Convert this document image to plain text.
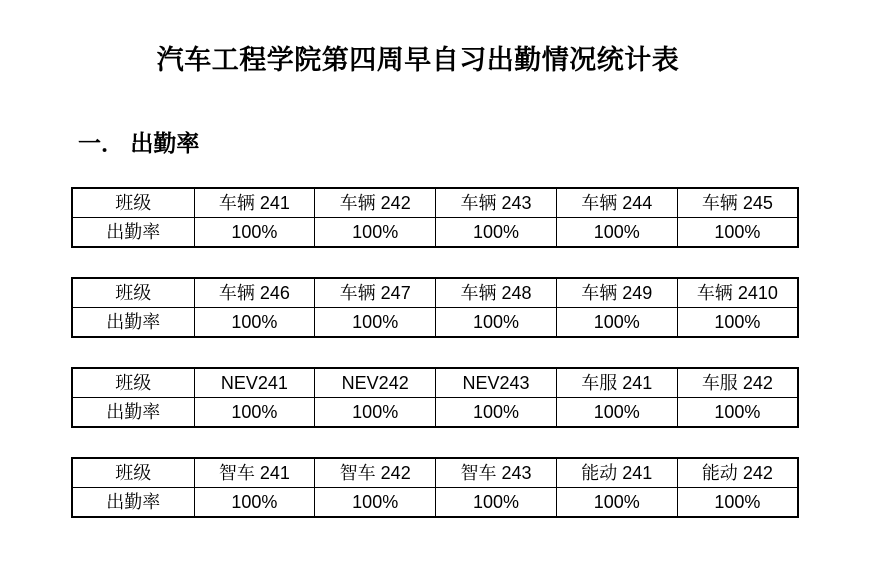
汽车工程学院第四周早自习出勤情况统计表
一． 出勤率
班级	车辆 241	车辆 242	车辆 243	车辆 244	车辆 245
出勤率	100%	100%	100%	100%	100%
班级	车辆 246	车辆 247	车辆 248	车辆 249	车辆 2410
出勤率	100%	100%	100%	100%	100%
班级	NEV241	NEV242	NEV243	车服 241	车服 242
出勤率	100%	100%	100%	100%	100%
班级	智车 241	智车 242	智车 243	能动 241	能动 242
出勤率	100%	100%	100%	100%	100%
